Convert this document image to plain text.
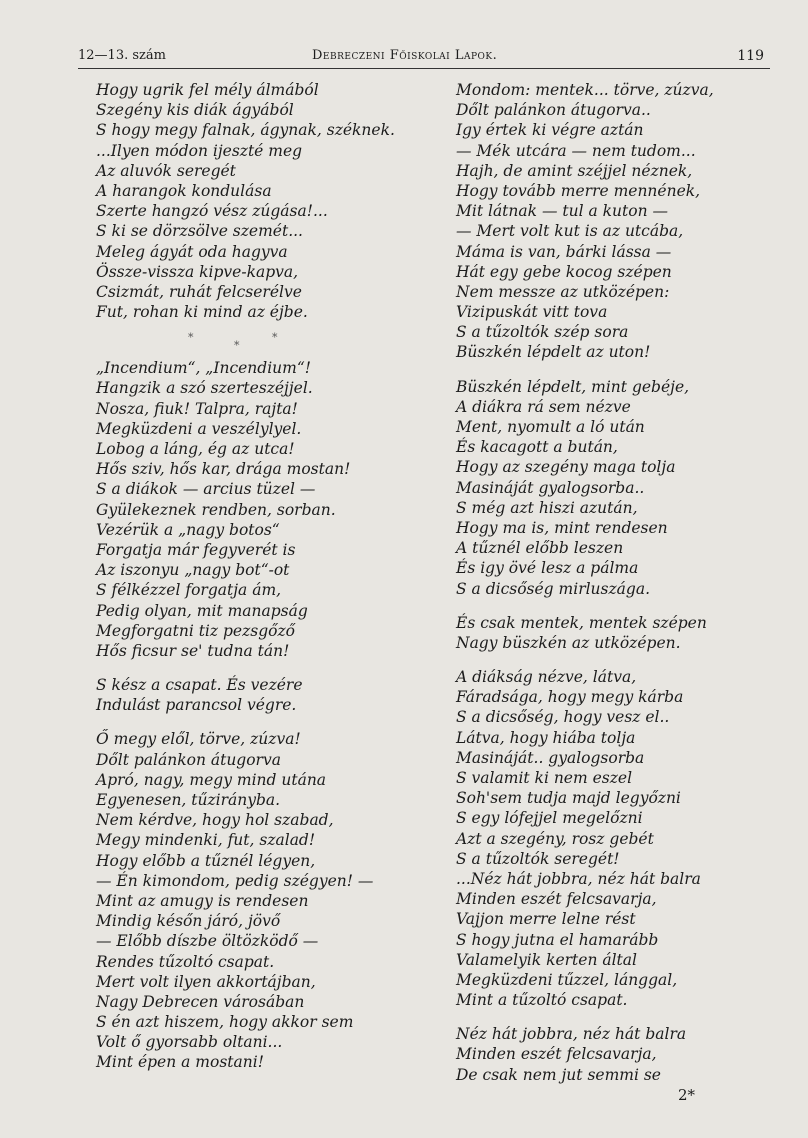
12—13. szám	Debreczeni Főiskolai Lapok.	119
Hogy ugrik fel mély álmából
Szegény kis diák ágyából
S hogy megy falnak, ágynak, széknek.
...Ilyen módon ijeszté meg
Az aluvók seregét
A harangok kondulása
Szerte hangzó vész zúgása!...
S ki se dörzsölve szemét...
Meleg ágyát oda hagyva
Össze-vissza kipve-kapva,
Csizmát, ruhát felcserélve
Fut, rohan ki mind az éjbe.
*
*
*
„Incendium“, „Incendium“!
Hangzik a szó szerteszéjjel.
Nosza, fiuk! Talpra, rajta!
Megküzdeni a veszélylyel.
Lobog a láng, ég az utca!
Hős sziv, hős kar, drága mostan!
S a diákok — arcius tüzel —
Gyülekeznek rendben, sorban.
Vezérük a „nagy botos“
Forgatja már fegyverét is
Az iszonyu „nagy bot“-ot
S félkézzel forgatja ám,
Pedig olyan, mit manapság
Megforgatni tiz pezsgőző
Hős ficsur se' tudna tán!
S kész a csapat. És vezére
Indulást parancsol végre.
Ő megy elől, törve, zúzva!
Dőlt palánkon átugorva
Apró, nagy, megy mind utána
Egyenesen, tűzirányba.
Nem kérdve, hogy hol szabad,
Megy mindenki, fut, szalad!
Hogy előbb a tűznél légyen,
— Én kimondom, pedig szégyen! —
Mint az amugy is rendesen
Mindig későn járó, jövő
— Előbb díszbe öltözködő —
Rendes tűzoltó csapat.
Mert volt ilyen akkortájban,
Nagy Debrecen városában
S én azt hiszem, hogy akkor sem
Volt ő gyorsabb oltani...
Mint épen a mostani!
Mondom: mentek... törve, zúzva,
Dőlt palánkon átugorva..
Igy értek ki végre aztán
— Mék utcára — nem tudom...
Hajh, de amint széjjel néznek,
Hogy tovább merre mennének,
Mit látnak — tul a kuton —
— Mert volt kut is az utcába,
Máma is van, bárki lássa —
Hát egy gebe kocog szépen
Nem messze az utközépen:
Vizipuskát vitt tova
S a tűzoltók szép sora
Büszkén lépdelt az uton!
Büszkén lépdelt, mint gebéje,
A diákra rá sem nézve
Ment, nyomult a ló után
És kacagott a bután,
Hogy az szegény maga tolja
Masináját gyalogsorba..
S még azt hiszi azután,
Hogy ma is, mint rendesen
A tűznél előbb leszen
És igy övé lesz a pálma
S a dicsőség mirluszága.
És csak mentek, mentek szépen
Nagy büszkén az utközépen.
A diákság nézve, látva,
Fáradsága, hogy megy kárba
S a dicsőség, hogy vesz el..
Látva, hogy hiába tolja
Masináját.. gyalogsorba
S valamit ki nem eszel
Soh'sem tudja majd legyőzni
S egy lófejjel megelőzni
Azt a szegény, rosz gebét
S a tűzoltók seregét!
...Néz hát jobbra, néz hát balra
Minden eszét felcsavarja,
Vajjon merre lelne rést
S hogy jutna el hamarább
Valamelyik kerten által
Megküzdeni tűzzel, lánggal,
Mint a tűzoltó csapat.
Néz hát jobbra, néz hát balra
Minden eszét felcsavarja,
De csak nem jut semmi se
2*
